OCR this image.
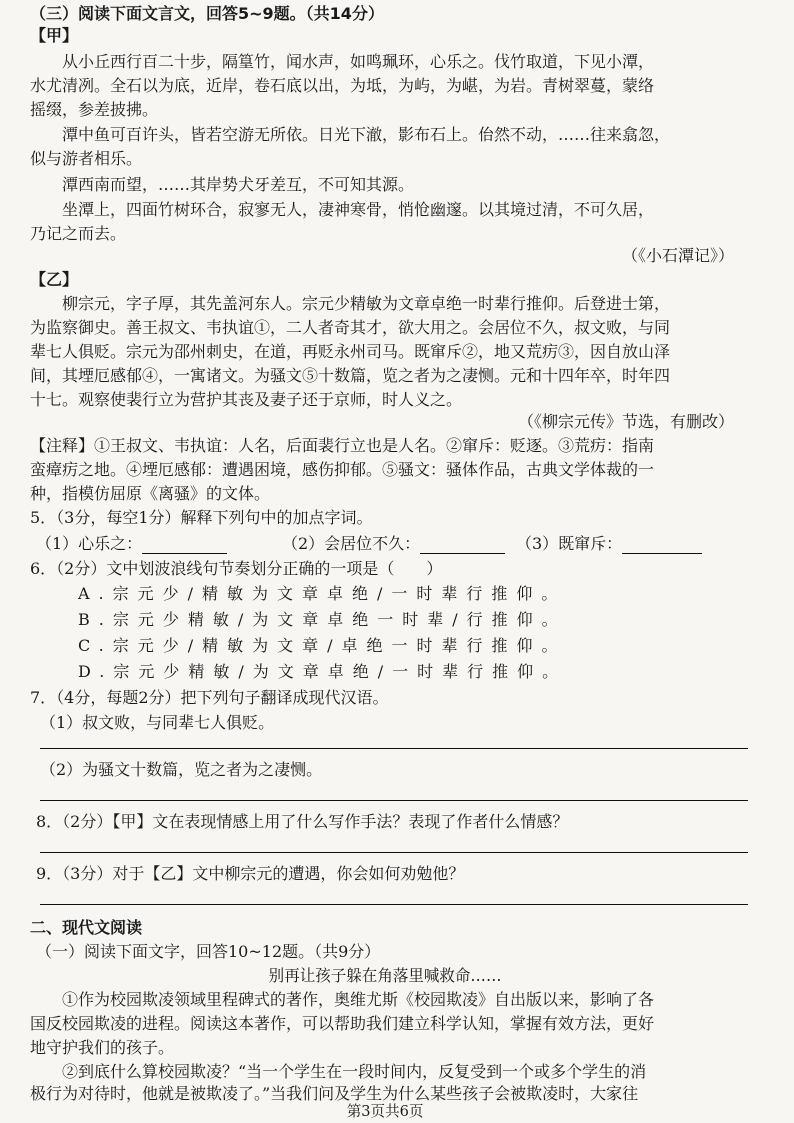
（三）阅读下面文言文，回答5~9题。（共14分）
【甲】
从小丘西行百二十步，隔篁竹，闻水声，如鸣珮环，心乐之。伐竹取道，下见小潭，
水尤清冽。全石以为底，近岸，卷石底以出，为坻，为屿，为嵁，为岩。青树翠蔓，蒙络
摇缀，参差披拂。
潭中鱼可百许头，皆若空游无所依。日光下澈，影布石上。佁然不动，……往来翕忽，
似与游者相乐。
潭西南而望，……其岸势犬牙差互，不可知其源。
坐潭上，四面竹树环合，寂寥无人，凄神寒骨，悄怆幽邃。以其境过清，不可久居，
乃记之而去。
（《小石潭记》）
【乙】
柳宗元，字子厚，其先盖河东人。宗元少精敏为文章卓绝一时辈行推仰。后登进士第，
为监察御史。善王叔文、韦执谊①，二人者奇其才，欲大用之。会居位不久，叔文败，与同
辈七人俱贬。宗元为邵州刺史，在道，再贬永州司马。既窜斥②，地又荒疠③，因自放山泽
间，其堙厄感郁④，一寓诸文。为骚文⑤十数篇，览之者为之凄恻。元和十四年卒，时年四
十七。观察使裴行立为营护其丧及妻子还于京师，时人义之。
（《柳宗元传》节选，有删改）
【注释】①王叔文、韦执谊：人名，后面裴行立也是人名。②窜斥：贬逐。③荒疠：指南
蛮瘴疠之地。④堙厄感郁：遭遇困境，感伤抑郁。⑤骚文：骚体作品，古典文学体裁的一
种，指模仿屈原《离骚》的文体。
5．（3分，每空1分）解释下列句中的加点字词。
（1）心乐之：	（2）会居位不久：	（3）既窜斥：
6．（2分）文中划波浪线句节奏划分正确的一项是（　　）
A.宗元少/精敏为文章卓绝/一时辈行推仰。
B.宗元少精敏/为文章卓绝一时辈/行推仰。
C.宗元少/精敏为文章/卓绝一时辈行推仰。
D.宗元少精敏/为文章卓绝/一时辈行推仰。
7．（4分，每题2分）把下列句子翻译成现代汉语。
（1）叔文败，与同辈七人俱贬。
（2）为骚文十数篇，览之者为之凄恻。
8．（2分）【甲】文在表现情感上用了什么写作手法？表现了作者什么情感？
9．（3分）对于【乙】文中柳宗元的遭遇，你会如何劝勉他？
二、现代文阅读
（一）阅读下面文字，回答10~12题。（共9分）
别再让孩子躲在角落里喊救命……
①作为校园欺凌领域里程碑式的著作，奥维尤斯《校园欺凌》自出版以来，影响了各
国反校园欺凌的进程。阅读这本著作，可以帮助我们建立科学认知，掌握有效方法，更好
地守护我们的孩子。
②到底什么算校园欺凌？“当一个学生在一段时间内，反复受到一个或多个学生的消
极行为对待时，他就是被欺凌了。”当我们问及学生为什么某些孩子会被欺凌时，大家往
第3页共6页
